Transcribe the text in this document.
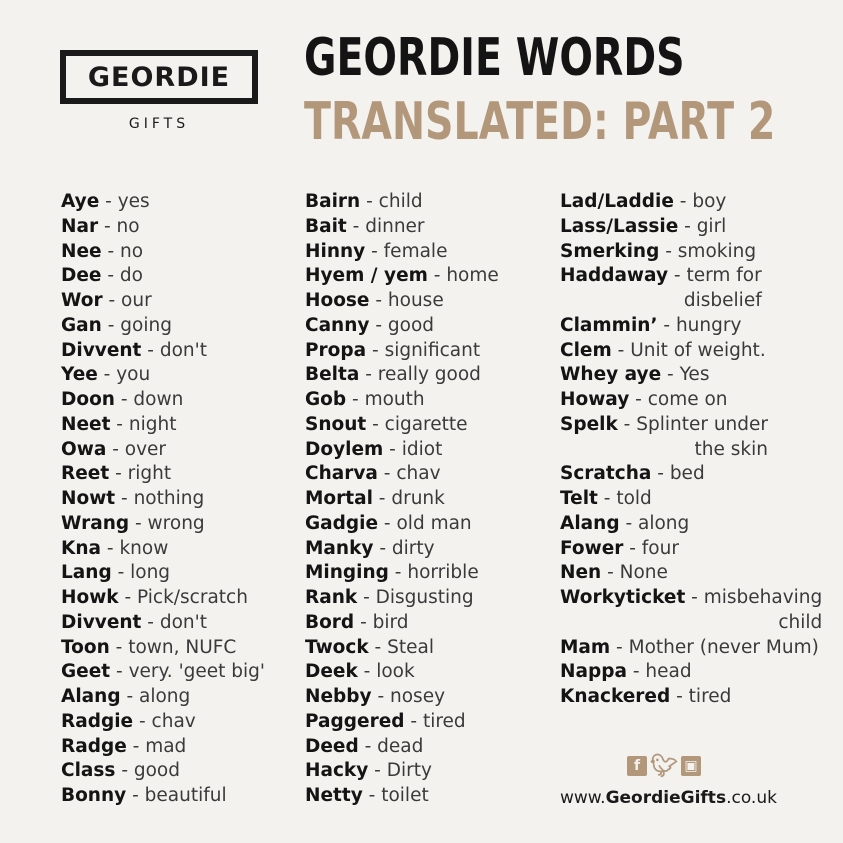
GEORDIE
GIFTS
GEORDIE WORDS
TRANSLATED: PART 2
Aye - yes
Nar - no
Nee - no
Dee - do
Wor - our
Gan - going
Divvent - don't
Yee - you
Doon - down
Neet - night
Owa - over
Reet - right
Nowt - nothing
Wrang - wrong
Kna - know
Lang - long
Howk - Pick/scratch
Divvent - don't
Toon - town, NUFC
Geet - very. 'geet big'
Alang - along
Radgie - chav
Radge - mad
Class - good
Bonny - beautiful
Bairn - child
Bait - dinner
Hinny - female
Hyem / yem - home
Hoose - house
Canny - good
Propa - significant
Belta - really good
Gob - mouth
Snout - cigarette
Doylem - idiot
Charva - chav
Mortal - drunk
Gadgie - old man
Manky - dirty
Minging - horrible
Rank - Disgusting
Bord - bird
Twock - Steal
Deek - look
Nebby - nosey
Paggered - tired
Deed - dead
Hacky - Dirty
Netty - toilet
Lad/Laddie - boy
Lass/Lassie - girl
Smerking - smoking
Haddaway - term for
disbelief
Clammin’ - hungry
Clem - Unit of weight.
Whey aye - Yes
Howay - come on
Spelk - Splinter under
the skin
Scratcha - bed
Telt - told
Alang - along
Fower - four
Nen - None
Workyticket - misbehaving
child
Mam - Mother (never Mum)
Nappa - head
Knackered - tired
f 🐦︎ ▣
www.GeordieGifts.co.uk
